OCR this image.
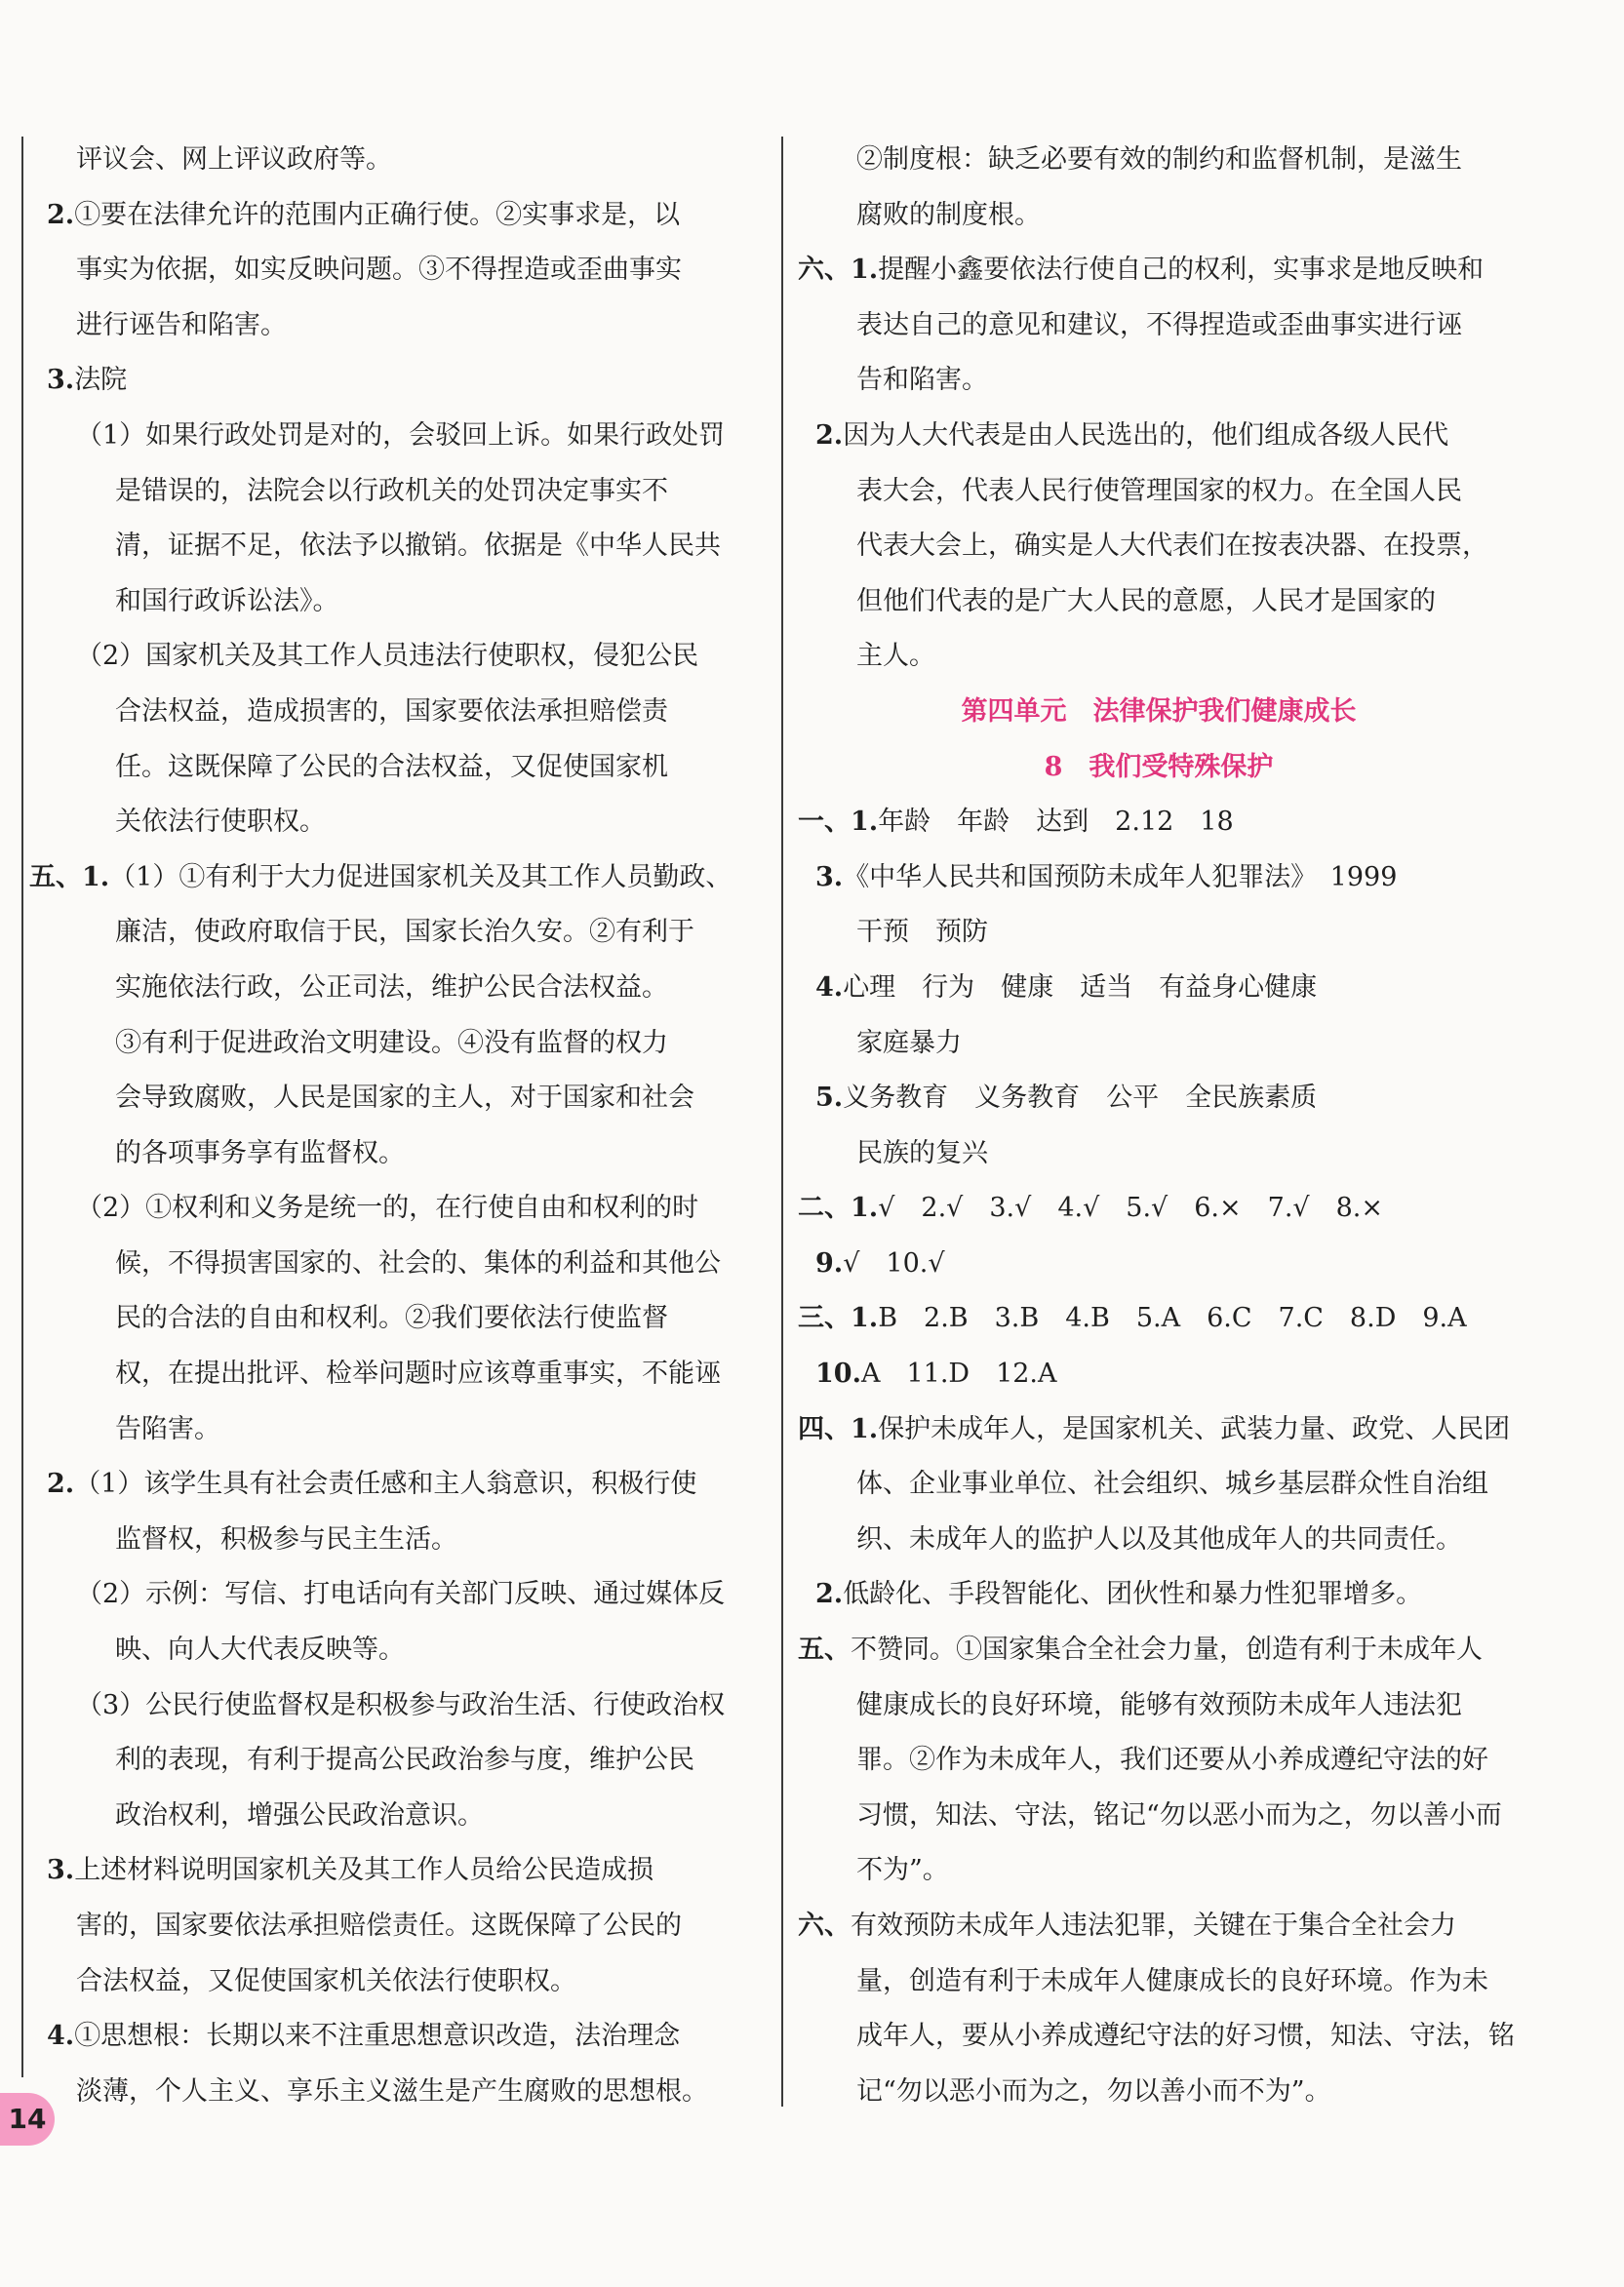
评议会、网上评议政府等。
2.①要在法律允许的范围内正确行使。②实事求是，以
事实为依据，如实反映问题。③不得捏造或歪曲事实
进行诬告和陷害。
3.法院
（1）如果行政处罚是对的，会驳回上诉。如果行政处罚
是错误的，法院会以行政机关的处罚决定事实不
清，证据不足，依法予以撤销。依据是《中华人民共
和国行政诉讼法》。
（2）国家机关及其工作人员违法行使职权，侵犯公民
合法权益，造成损害的，国家要依法承担赔偿责
任。这既保障了公民的合法权益，又促使国家机
关依法行使职权。
五、1.（1）①有利于大力促进国家机关及其工作人员勤政、
廉洁，使政府取信于民，国家长治久安。②有利于
实施依法行政，公正司法，维护公民合法权益。
③有利于促进政治文明建设。④没有监督的权力
会导致腐败，人民是国家的主人，对于国家和社会
的各项事务享有监督权。
（2）①权利和义务是统一的，在行使自由和权利的时
候，不得损害国家的、社会的、集体的利益和其他公
民的合法的自由和权利。②我们要依法行使监督
权，在提出批评、检举问题时应该尊重事实，不能诬
告陷害。
2.（1）该学生具有社会责任感和主人翁意识，积极行使
监督权，积极参与民主生活。
（2）示例：写信、打电话向有关部门反映、通过媒体反
映、向人大代表反映等。
（3）公民行使监督权是积极参与政治生活、行使政治权
利的表现，有利于提高公民政治参与度，维护公民
政治权利，增强公民政治意识。
3.上述材料说明国家机关及其工作人员给公民造成损
害的，国家要依法承担赔偿责任。这既保障了公民的
合法权益，又促使国家机关依法行使职权。
4.①思想根：长期以来不注重思想意识改造，法治理念
淡薄，个人主义、享乐主义滋生是产生腐败的思想根。
②制度根：缺乏必要有效的制约和监督机制，是滋生
腐败的制度根。
六、1.提醒小鑫要依法行使自己的权利，实事求是地反映和
表达自己的意见和建议，不得捏造或歪曲事实进行诬
告和陷害。
2.因为人大代表是由人民选出的，他们组成各级人民代
表大会，代表人民行使管理国家的权力。在全国人民
代表大会上，确实是人大代表们在按表决器、在投票，
但他们代表的是广大人民的意愿，人民才是国家的
主人。
第四单元　法律保护我们健康成长
8　我们受特殊保护
一、1.年龄　年龄　达到　2.12　18
3.《中华人民共和国预防未成年人犯罪法》　1999
干预　预防
4.心理　行为　健康　适当　有益身心健康
家庭暴力
5.义务教育　义务教育　公平　全民族素质
民族的复兴
二、1.√　2.√　3.√　4.√　5.√　6.×　7.√　8.×
9.√　10.√
三、1.B　2.B　3.B　4.B　5.A　6.C　7.C　8.D　9.A
10.A　11.D　12.A
四、1.保护未成年人，是国家机关、武装力量、政党、人民团
体、企业事业单位、社会组织、城乡基层群众性自治组
织、未成年人的监护人以及其他成年人的共同责任。
2.低龄化、手段智能化、团伙性和暴力性犯罪增多。
五、不赞同。①国家集合全社会力量，创造有利于未成年人
健康成长的良好环境，能够有效预防未成年人违法犯
罪。②作为未成年人，我们还要从小养成遵纪守法的好
习惯，知法、守法，铭记“勿以恶小而为之，勿以善小而
不为”。
六、有效预防未成年人违法犯罪，关键在于集合全社会力
量，创造有利于未成年人健康成长的良好环境。作为未
成年人，要从小养成遵纪守法的好习惯，知法、守法，铭
记“勿以恶小而为之，勿以善小而不为”。
14
